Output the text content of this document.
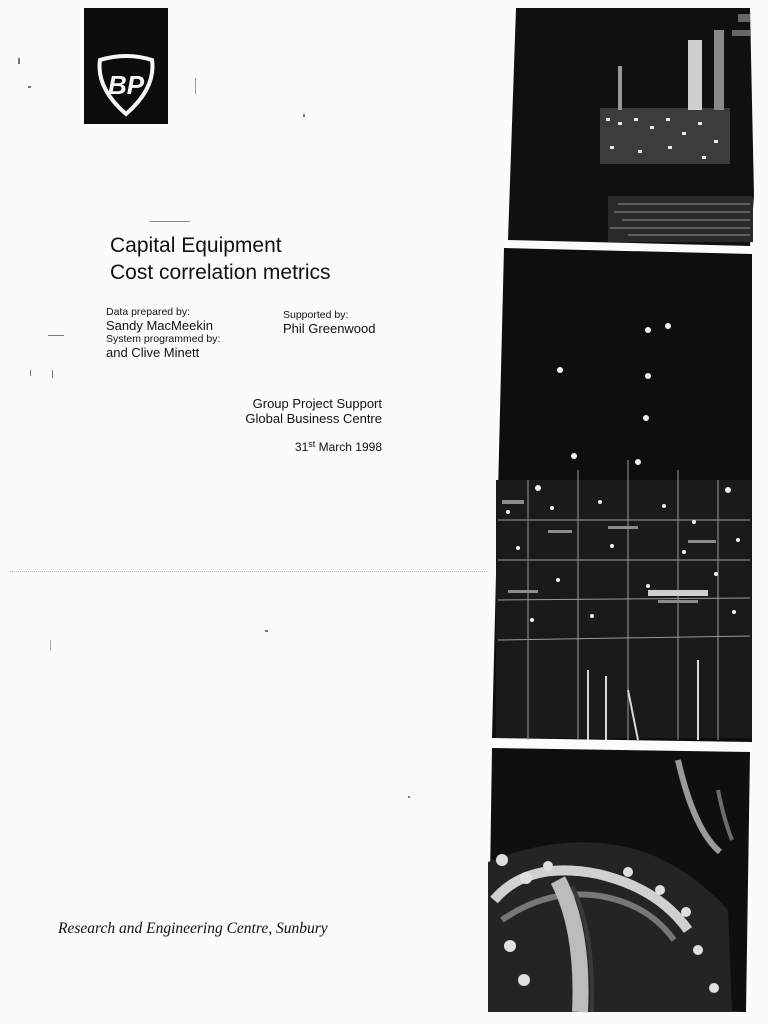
BP
Capital Equipment
Cost correlation metrics
Data prepared by:
Sandy MacMeekin
System programmed by:
and Clive Minett
Supported by:
Phil Greenwood
Group Project Support
Global Business Centre
31st March 1998
Research and Engineering Centre, Sunbury
